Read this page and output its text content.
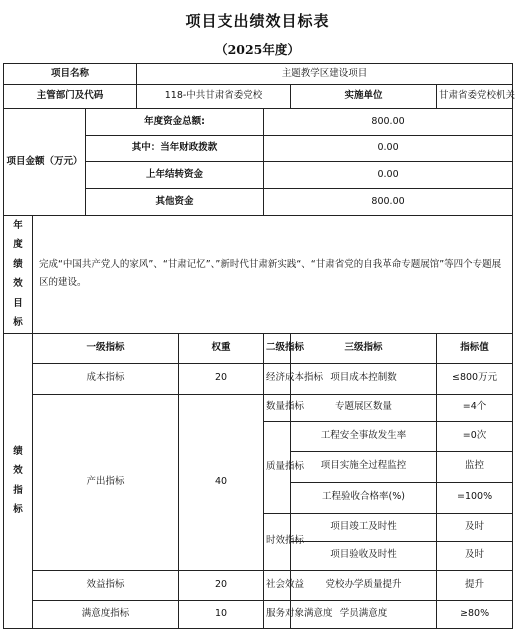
项目支出绩效目标表
（2025年度）
项目名称			主题教学区建设项目				
主管部门及代码			118-中共甘肃省委党校			实施单位	甘肃省委党校机关
项目金额（万元）		年度资金总额:			800.00		
		其中：当年财政拨款			0.00		
		上年结转资金			0.00		
		其他资金			800.00		
年度绩效目标	完成“中国共产党人的家风”、“甘肃记忆”、”新时代甘肃新实践“、“甘肃省党的自我革命专题展馆”等四个专题展区的建设。						
绩效指标	一级指标			权重	二级指标	三级指标	指标值
	成本指标			20	经济成本指标	项目成本控制数	≤800万元
	产出指标			40	数量指标	专题展区数量	=4个
					质量指标	工程安全事故发生率	=0次
						项目实施全过程监控	监控
						工程验收合格率(%)	=100%
					时效指标	项目竣工及时性	及时
						项目验收及时性	及时
	效益指标			20	社会效益	党校办学质量提升	提升
	满意度指标			10	服务对象满意度	学员满意度	≥80%
